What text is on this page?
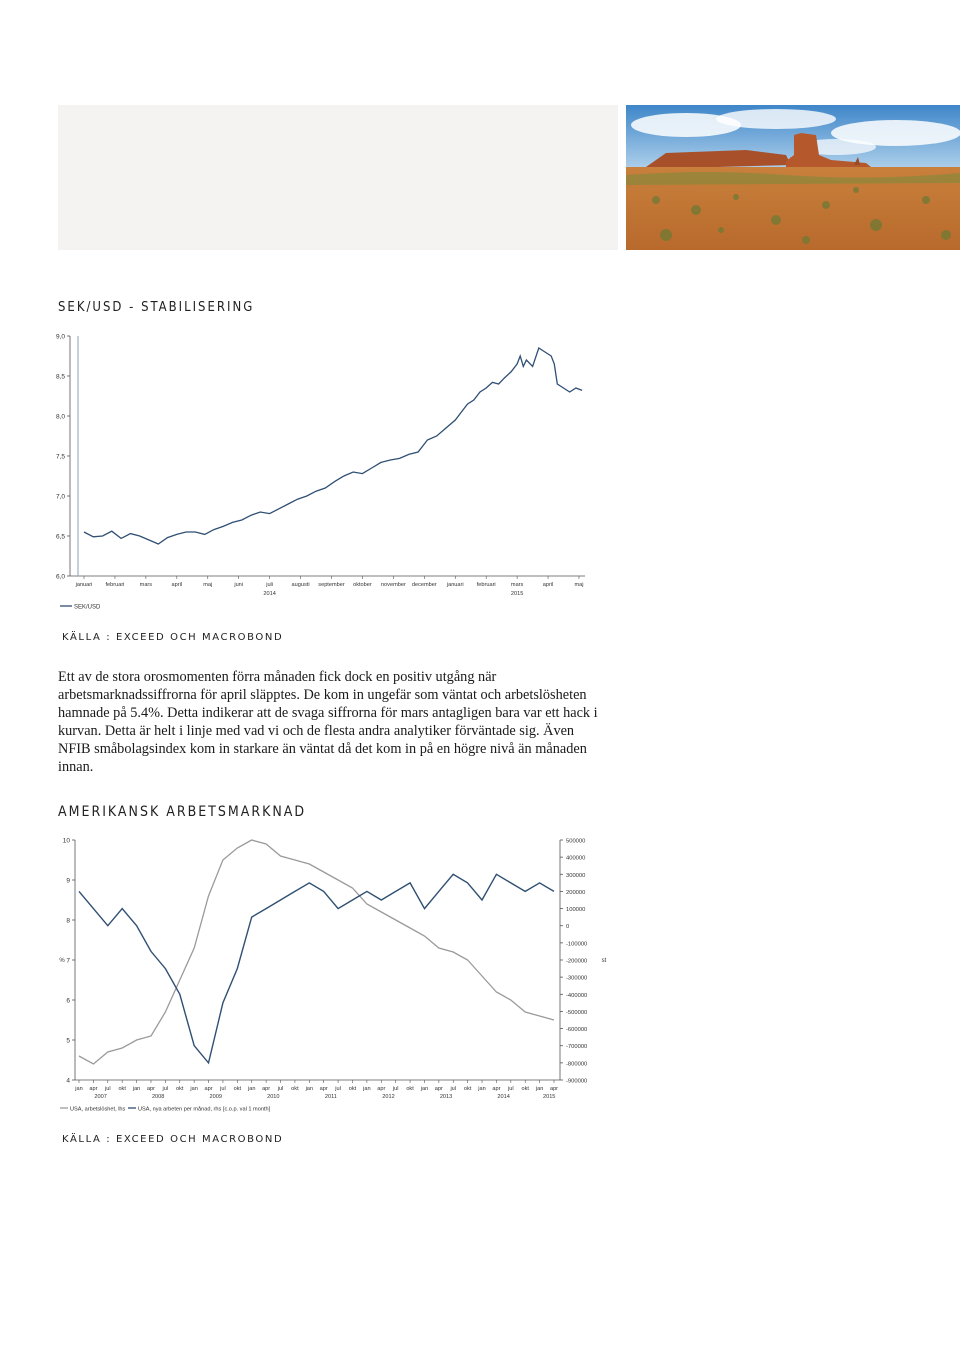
SEK/USD - STABILISERING
9,0
8,5
8,0
7,5
7,0
6,5
6,0
januari februari	mars	april	maj	juni	juli	augusti september oktober november december januari februari	mars	april	maj
2014	2015
SEK/USD
KÄLLA : EXCEED OCH MACROBOND
Ett av de stora orosmomenten förra månaden fick dock en positiv utgång när arbetsmarknadssiffrorna för april släpptes. De kom in ungefär som väntat och arbetslösheten hamnade på 5.4%. Detta indikerar att de svaga siffrorna för mars antagligen bara var ett hack i kurvan. Detta är helt i linje med vad vi och de flesta andra analytiker förväntade sig. Även NFIB småbolagsindex kom in starkare än väntat då det kom in på en högre nivå än månaden innan.
AMERIKANSK ARBETSMARKNAD
10
9
8
7
6
5
4
500000
400000
300000
200000
100000
0
-100000
-200000
-300000
-400000
-500000
-600000
-700000
-800000
-900000
%	st
jan apr jul okt jan apr jul okt jan apr jul okt jan apr jul okt jan apr jul okt jan apr jul okt jan apr jul okt jan apr jul okt jan apr
2007	2008	2009	2010	2011	2012	2013	2014	2015
USA, arbetslöshet, lhs USA, nya arbeten per månad, rhs [c.o.p. val 1 month]
KÄLLA : EXCEED OCH MACROBOND
